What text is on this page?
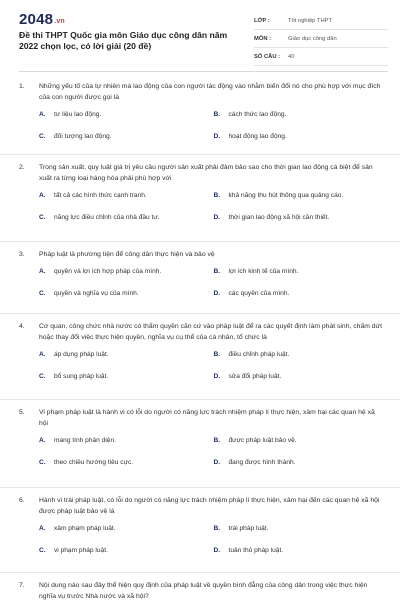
2048.vn
Đề thi THPT Quốc gia môn Giáo dục công dân năm 2022 chọn lọc, có lời giải (20 đề)
LỚP :	Tốt nghiệp THPT
MÔN :	Giáo dục công dân
SỐ CÂU :	40
1.	Những yếu tố của tự nhiên mà lao động của con người tác động vào nhằm biến đổi nó cho phù hợp với mục đích của con người được gọi là
A.	tư liệu lao động.	B.	cách thức lao động.
C.	đối tượng lao động.	D.	hoạt động lao động.
2.	Trong sản xuất, quy luật giá trị yêu cầu người sản xuất phải đảm bảo sao cho thời gian lao động cá biệt để sản xuất ra từng loại hàng hóa phải phù hợp với
A.	tất cả các hình thức cạnh tranh.	B.	khả năng thu hút thông qua quảng cáo.
C.	năng lực điều chỉnh của nhà đầu tư.	D.	thời gian lao động xã hội cần thiết.
3.	Pháp luật là phương tiện để công dân thực hiện và bảo vệ
A.	quyền và lợi ích hợp pháp của mình.	B.	lợi ích kinh tế của mình.
C.	quyền và nghĩa vụ của mình.	D.	các quyền của mình.
4.	Cơ quan, công chức nhà nước có thẩm quyền căn cứ vào pháp luật để ra các quyết định làm phát sinh, chấm dứt hoặc thay đổi việc thực hiện quyền, nghĩa vụ cụ thể của cá nhân, tổ chức là
A.	áp dụng pháp luật.	B.	điều chỉnh pháp luật.
C.	bổ sung pháp luật.	D.	sửa đổi pháp luật.
5.	Vi phạm pháp luật là hành vi có lỗi do người có năng lực trách nhiệm pháp lí thực hiện, xâm hại các quan hệ xã hội
A.	mang tính phản diện.	B.	được pháp luật bảo vệ.
C.	theo chiều hướng tiêu cực.	D.	đang được hình thành.
6.	Hành vi trái pháp luật, có lỗi do người có năng lực trách nhiệm pháp lí thực hiện, xâm hại đến các quan hệ xã hội được pháp luật bảo vệ là
A.	xâm phạm pháp luật.	B.	trái pháp luật.
C.	vi phạm pháp luật.	D.	tuân thủ pháp luật.
7.	Nội dung nào sau đây thể hiện quy định của pháp luật về quyền bình đẳng của công dân trong việc thực hiện nghĩa vụ trước Nhà nước và xã hội?
